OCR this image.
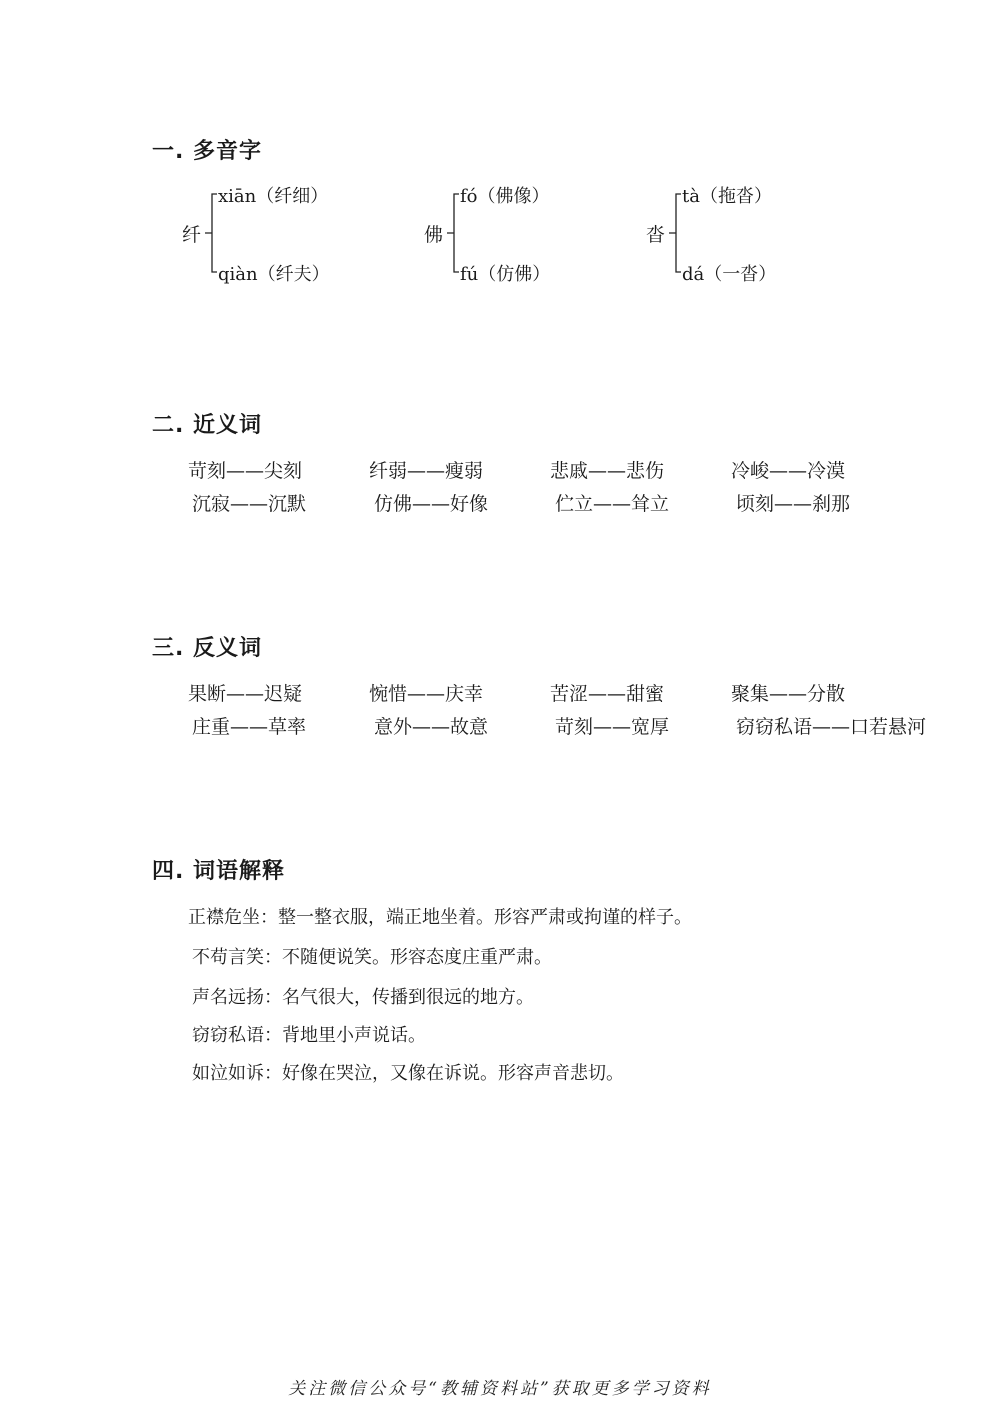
一. 多音字
纤
xiān（纤细）
qiàn（纤夫）
佛
fó（佛像）
fú（仿佛）
沓
tà（拖沓）
dá（一沓）
二. 近义词
苛刻——尖刻	纤弱——瘦弱	悲戚——悲伤	冷峻——冷漠
沉寂——沉默	仿佛——好像	伫立——耸立	顷刻——刹那
三. 反义词
果断——迟疑	惋惜——庆幸	苦涩——甜蜜	聚集——分散
庄重——草率	意外——故意	苛刻——宽厚	窃窃私语——口若悬河
四. 词语解释
正襟危坐：整一整衣服，端正地坐着。形容严肃或拘谨的样子。
不苟言笑：不随便说笑。形容态度庄重严肃。
声名远扬：名气很大，传播到很远的地方。
窃窃私语：背地里小声说话。
如泣如诉：好像在哭泣，又像在诉说。形容声音悲切。
关注微信公众号“教辅资料站”获取更多学习资料
